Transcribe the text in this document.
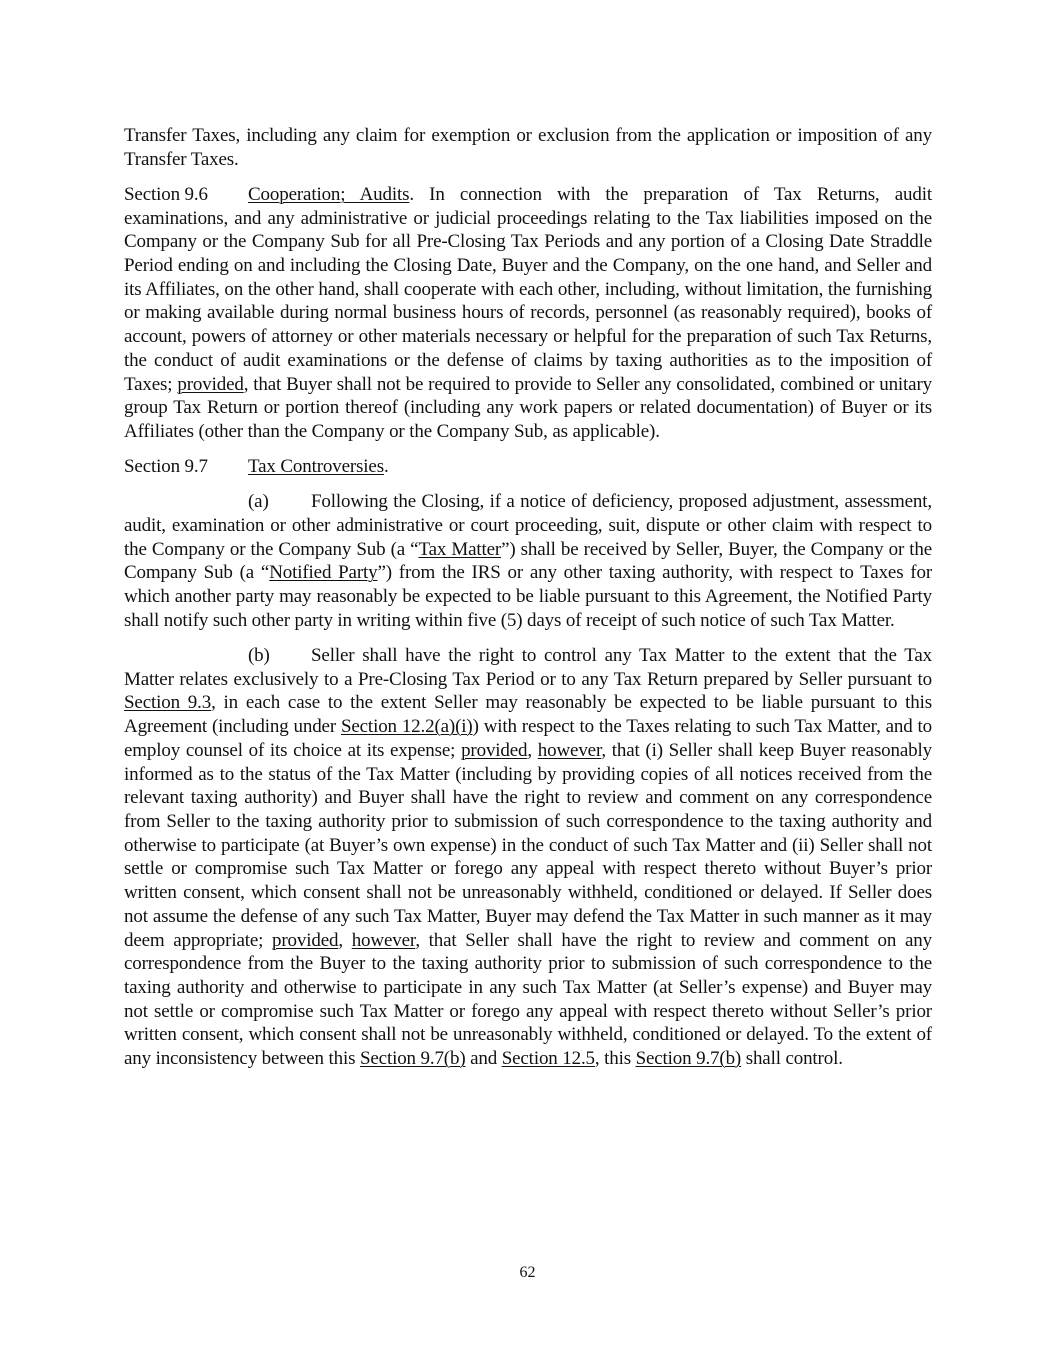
Transfer Taxes, including any claim for exemption or exclusion from the application or imposition of any Transfer Taxes.

Section 9.6 Cooperation; Audits. In connection with the preparation of Tax Returns, audit examinations, and any administrative or judicial proceedings relating to the Tax liabilities imposed on the Company or the Company Sub for all Pre-Closing Tax Periods and any portion of a Closing Date Straddle Period ending on and including the Closing Date, Buyer and the Company, on the one hand, and Seller and its Affiliates, on the other hand, shall cooperate with each other, including, without limitation, the furnishing or making available during normal business hours of records, personnel (as reasonably required), books of account, powers of attorney or other materials necessary or helpful for the preparation of such Tax Returns, the conduct of audit examinations or the defense of claims by taxing authorities as to the imposition of Taxes; provided, that Buyer shall not be required to provide to Seller any consolidated, combined or unitary group Tax Return or portion thereof (including any work papers or related documentation) of Buyer or its Affiliates (other than the Company or the Company Sub, as applicable).

Section 9.7 Tax Controversies.

(a) Following the Closing, if a notice of deficiency, proposed adjustment, assessment, audit, examination or other administrative or court proceeding, suit, dispute or other claim with respect to the Company or the Company Sub (a “Tax Matter”) shall be received by Seller, Buyer, the Company or the Company Sub (a “Notified Party”) from the IRS or any other taxing authority, with respect to Taxes for which another party may reasonably be expected to be liable pursuant to this Agreement, the Notified Party shall notify such other party in writing within five (5) days of receipt of such notice of such Tax Matter.

(b) Seller shall have the right to control any Tax Matter to the extent that the Tax Matter relates exclusively to a Pre-Closing Tax Period or to any Tax Return prepared by Seller pursuant to Section 9.3, in each case to the extent Seller may reasonably be expected to be liable pursuant to this Agreement (including under Section 12.2(a)(i)) with respect to the Taxes relating to such Tax Matter, and to employ counsel of its choice at its expense; provided, however, that (i) Seller shall keep Buyer reasonably informed as to the status of the Tax Matter (including by providing copies of all notices received from the relevant taxing authority) and Buyer shall have the right to review and comment on any correspondence from Seller to the taxing authority prior to submission of such correspondence to the taxing authority and otherwise to participate (at Buyer’s own expense) in the conduct of such Tax Matter and (ii) Seller shall not settle or compromise such Tax Matter or forego any appeal with respect thereto without Buyer’s prior written consent, which consent shall not be unreasonably withheld, conditioned or delayed. If Seller does not assume the defense of any such Tax Matter, Buyer may defend the Tax Matter in such manner as it may deem appropriate; provided, however, that Seller shall have the right to review and comment on any correspondence from the Buyer to the taxing authority prior to submission of such correspondence to the taxing authority and otherwise to participate in any such Tax Matter (at Seller’s expense) and Buyer may not settle or compromise such Tax Matter or forego any appeal with respect thereto without Seller’s prior written consent, which consent shall not be unreasonably withheld, conditioned or delayed. To the extent of any inconsistency between this Section 9.7(b) and Section 12.5, this Section 9.7(b) shall control.

62
